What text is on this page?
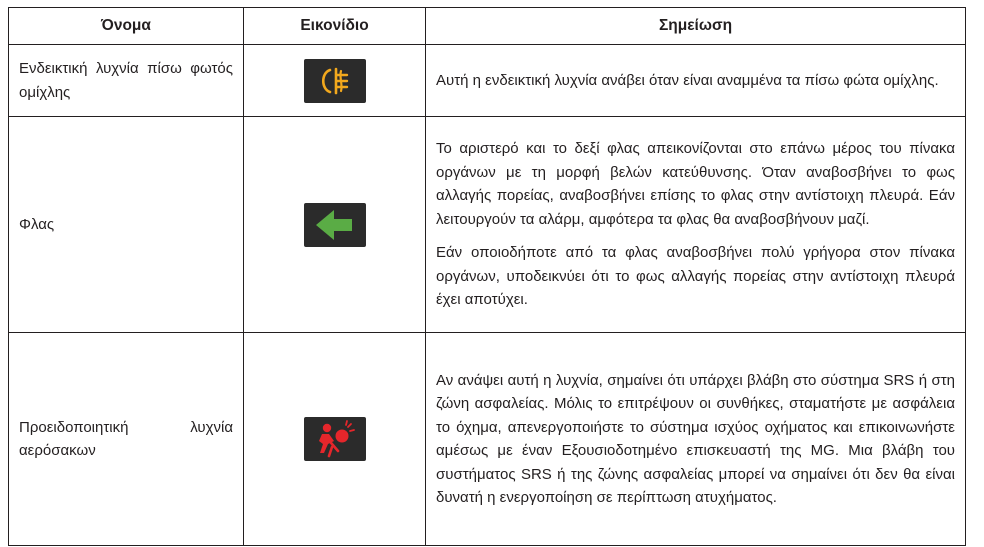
Όνομα	Εικονίδιο	Σημείωση
Ενδεικτική λυχνία πίσω φωτός ομίχλης		Αυτή η ενδεικτική λυχνία ανάβει όταν είναι αναμμένα τα πίσω φώτα ομίχλης.

Φλας		Το αριστερό και το δεξί φλας απεικονίζονται στο επάνω μέρος του πίνακα οργάνων με τη μορφή βελών κατεύθυνσης. Όταν αναβοσβήνει το φως αλλαγής πορείας, αναβοσβήνει επίσης το φλας στην αντίστοιχη πλευρά. Εάν λειτουργούν τα αλάρμ, αμφότερα τα φλας θα αναβοσβήνουν μαζί.

Εάν οποιοδήποτε από τα φλας αναβοσβήνει πολύ γρήγορα στον πίνακα οργάνων, υποδεικνύει ότι το φως αλλαγής πορείας στην αντίστοιχη πλευρά έχει αποτύχει.

Προειδοποιητική λυχνία αερόσακων		Αν ανάψει αυτή η λυχνία, σημαίνει ότι υπάρχει βλάβη στο σύστημα SRS ή στη ζώνη ασφαλείας. Μόλις το επιτρέψουν οι συνθήκες, σταματήστε με ασφάλεια το όχημα, απενεργοποιήστε το σύστημα ισχύος οχήματος και επικοινωνήστε αμέσως με έναν Εξουσιοδοτημένο επισκευαστή της MG. Μια βλάβη του συστήματος SRS ή της ζώνης ασφαλείας μπορεί να σημαίνει ότι δεν θα είναι δυνατή η ενεργοποίηση σε περίπτωση ατυχήματος.
